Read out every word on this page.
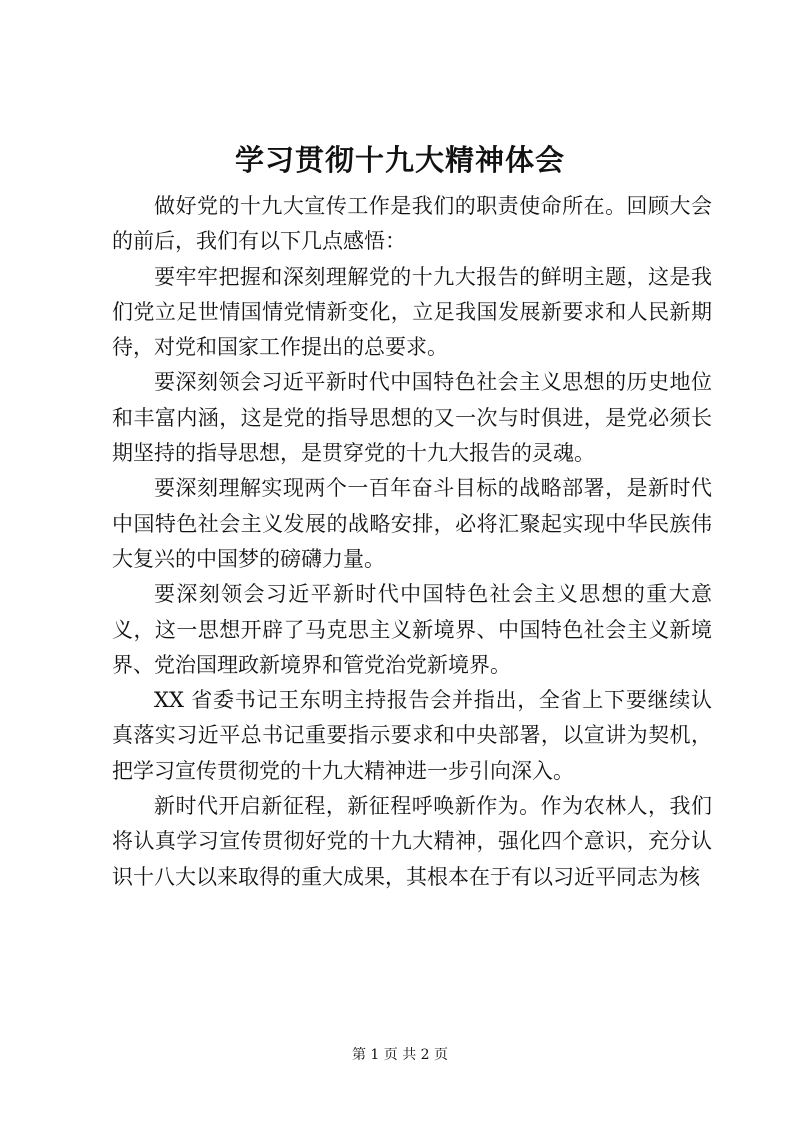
学习贯彻十九大精神体会

做好党的十九大宣传工作是我们的职责使命所在。回顾大会的前后，我们有以下几点感悟：

要牢牢把握和深刻理解党的十九大报告的鲜明主题，这是我们党立足世情国情党情新变化，立足我国发展新要求和人民新期待，对党和国家工作提出的总要求。

要深刻领会习近平新时代中国特色社会主义思想的历史地位和丰富内涵，这是党的指导思想的又一次与时俱进，是党必须长期坚持的指导思想，是贯穿党的十九大报告的灵魂。

要深刻理解实现两个一百年奋斗目标的战略部署，是新时代中国特色社会主义发展的战略安排，必将汇聚起实现中华民族伟大复兴的中国梦的磅礴力量。

要深刻领会习近平新时代中国特色社会主义思想的重大意义，这一思想开辟了马克思主义新境界、中国特色社会主义新境界、党治国理政新境界和管党治党新境界。

XX 省委书记王东明主持报告会并指出，全省上下要继续认真落实习近平总书记重要指示要求和中央部署，以宣讲为契机，把学习宣传贯彻党的十九大精神进一步引向深入。

新时代开启新征程，新征程呼唤新作为。作为农林人，我们将认真学习宣传贯彻好党的十九大精神，强化四个意识，充分认识十八大以来取得的重大成果，其根本在于有以习近平同志为核

第 1 页 共 2 页
